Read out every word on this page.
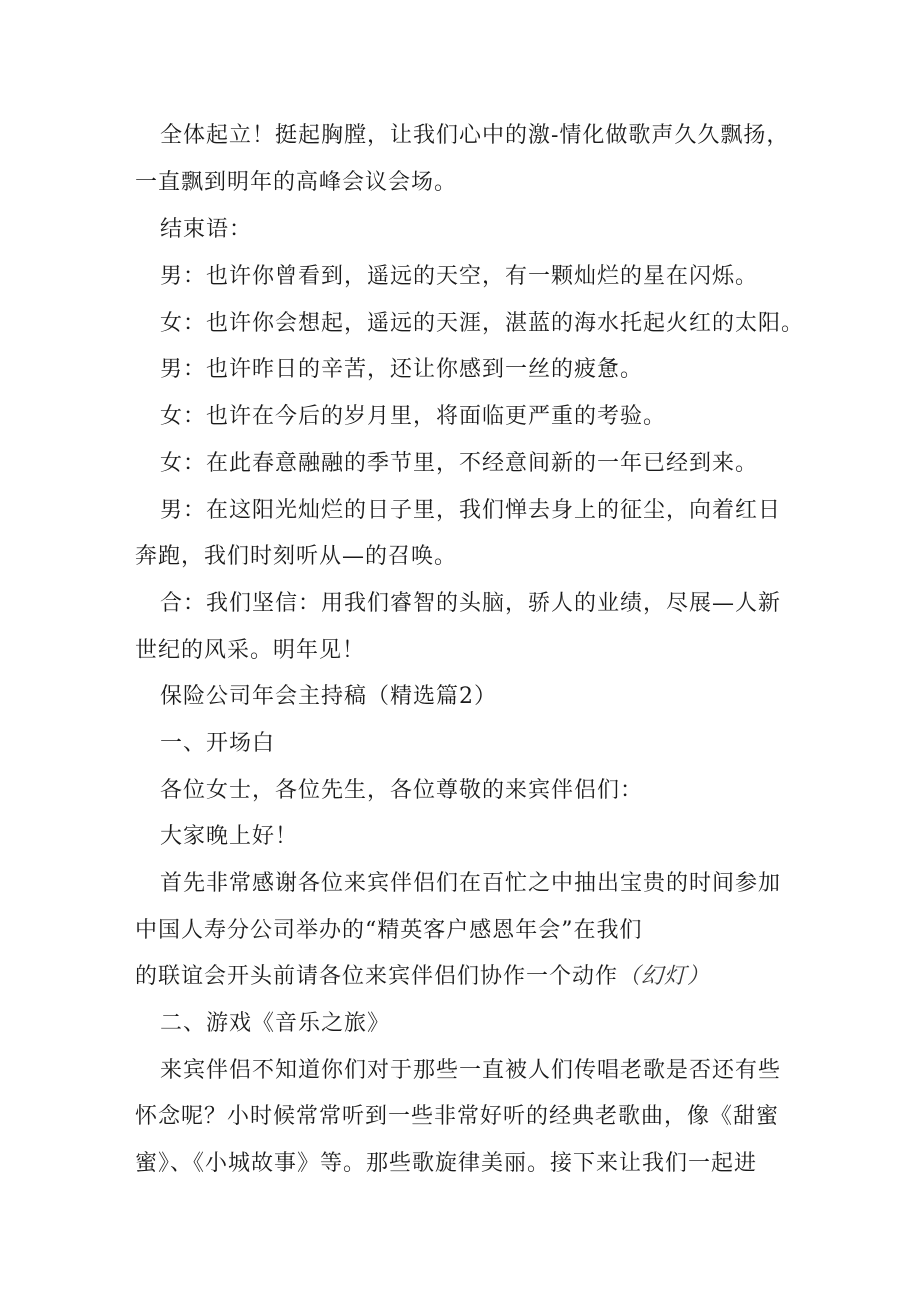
全体起立！挺起胸膛，让我们心中的激-情化做歌声久久飘扬，
一直飘到明年的高峰会议会场。
结束语：
男：也许你曾看到，遥远的天空，有一颗灿烂的星在闪烁。
女：也许你会想起，遥远的天涯，湛蓝的海水托起火红的太阳。
男：也许昨日的辛苦，还让你感到一丝的疲惫。
女：也许在今后的岁月里，将面临更严重的考验。
女：在此春意融融的季节里，不经意间新的一年已经到来。
男：在这阳光灿烂的日子里，我们惮去身上的征尘，向着红日
奔跑，我们时刻听从—的召唤。
合：我们坚信：用我们睿智的头脑，骄人的业绩，尽展—人新
世纪的风采。明年见！
保险公司年会主持稿（精选篇2）
一、开场白
各位女士，各位先生，各位尊敬的来宾伴侣们：
大家晚上好！
首先非常感谢各位来宾伴侣们在百忙之中抽出宝贵的时间参加
中国人寿分公司举办的“精英客户感恩年会”在我们
的联谊会开头前请各位来宾伴侣们协作一个动作（幻灯）
二、游戏《音乐之旅》
来宾伴侣不知道你们对于那些一直被人们传唱老歌是否还有些
怀念呢？小时候常常听到一些非常好听的经典老歌曲，像《甜蜜
蜜》、《小城故事》等。那些歌旋律美丽。接下来让我们一起进
